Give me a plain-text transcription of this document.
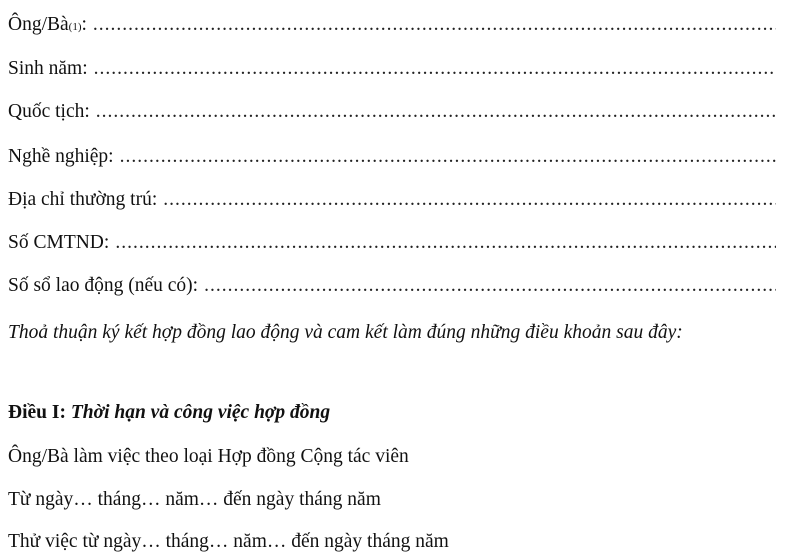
Ông/Bà (1) :
.....
Sinh năm:
.....
Quốc tịch:
.....
Nghề nghiệp:
.....
Địa chỉ thường trú:
.....
Số CMTND:
.....
Số sổ lao động (nếu có):
.....
Thoả thuận ký kết hợp đồng lao động và cam kết làm đúng những điều khoản sau đây:
Điều I: Thời hạn và công việc hợp đồng
Ông/Bà làm việc theo loại Hợp đồng Cộng tác viên
Từ ngày… tháng… năm… đến ngày tháng năm
Thử việc từ ngày… tháng… năm… đến ngày tháng năm
